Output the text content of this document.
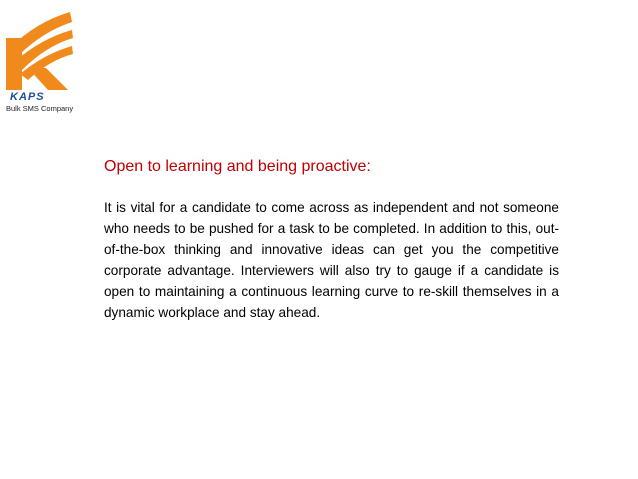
KAPS
Bulk SMS Company
Open to learning and being proactive:

It is vital for a candidate to come across as independent and not someone who needs to be pushed for a task to be completed. In addition to this, out-of-the-box thinking and innovative ideas can get you the competitive corporate advantage. Interviewers will also try to gauge if a candidate is open to maintaining a continuous learning curve to re-skill themselves in a dynamic workplace and stay ahead.
